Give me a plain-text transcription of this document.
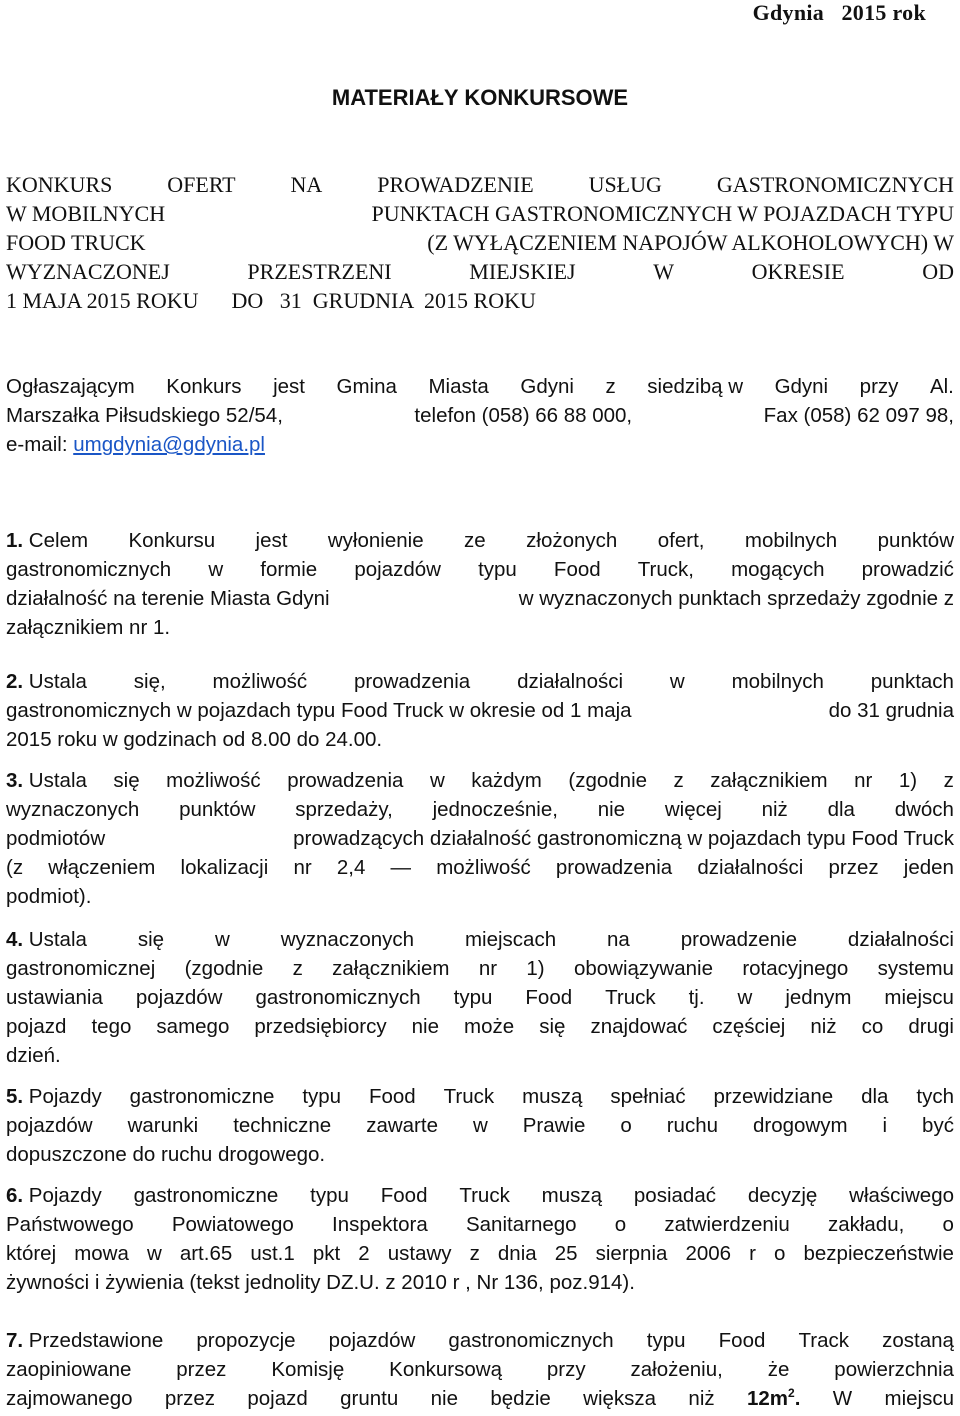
Gdynia   2015 rok
MATERIAŁY KONKURSOWE
KONKURS OFERT NA PROWADZENIE USŁUG GASTRONOMICZNYCH
W MOBILNYCH	PUNKTACH GASTRONOMICZNYCH W POJAZDACH TYPU
FOOD TRUCK	(Z WYŁĄCZENIEM NAPOJÓW ALKOHOLOWYCH) W
WYZNACZONEJ	PRZESTRZENI	MIEJSKIEJ	W	OKRESIE	OD
1 MAJA 2015 ROKU      DO   31  GRUDNIA  2015 ROKU
Ogłaszającym Konkurs jest Gmina Miasta Gdyni z siedzibą w Gdyni przy Al.
Marszałka Piłsudskiego 52/54,	telefon (058) 66 88 000,	Fax (058) 62 097 98,
e-mail: umgdynia@gdynia.pl
1. Celem Konkursu jest wyłonienie ze złożonych ofert, mobilnych punktów
gastronomicznych w formie pojazdów typu Food Truck, mogących prowadzić
działalność na terenie Miasta Gdyni	w wyznaczonych punktach sprzedaży zgodnie z
załącznikiem nr 1.
2. Ustala się, możliwość prowadzenia działalności w mobilnych punktach
gastronomicznych w pojazdach typu Food Truck w okresie od 1 maja	do 31 grudnia
2015 roku w godzinach od 8.00 do 24.00.
3. Ustala się możliwość prowadzenia w każdym (zgodnie z załącznikiem nr 1) z
wyznaczonych punktów sprzedaży, jednocześnie, nie więcej niż dla dwóch
podmiotów	prowadzących działalność gastronomiczną w pojazdach typu Food Truck
(z włączeniem lokalizacji nr 2,4 — możliwość prowadzenia działalności przez jeden
podmiot).
4. Ustala się w wyznaczonych miejscach na prowadzenie działalności
gastronomicznej (zgodnie z załącznikiem nr 1) obowiązywanie rotacyjnego systemu
ustawiania pojazdów gastronomicznych typu Food Truck tj. w jednym miejscu
pojazd tego samego przedsiębiorcy nie może się znajdować częściej niż co drugi
dzień.
5. Pojazdy gastronomiczne typu Food Truck muszą spełniać przewidziane dla tych
pojazdów warunki techniczne zawarte w Prawie o ruchu drogowym i być
dopuszczone do ruchu drogowego.
6. Pojazdy gastronomiczne typu Food Truck muszą posiadać decyzję właściwego
Państwowego Powiatowego Inspektora Sanitarnego o zatwierdzeniu zakładu, o
której mowa w art.65 ust.1 pkt 2 ustawy z dnia 25 sierpnia 2006 r o bezpieczeństwie
żywności i żywienia (tekst jednolity DZ.U. z 2010 r , Nr 136, poz.914).
7. Przedstawione propozycje pojazdów gastronomicznych typu Food Track zostaną
zaopiniowane przez Komisję Konkursową przy założeniu, że powierzchnia
zajmowanego przez pojazd gruntu nie będzie większa niż $12m^2$. W miejscu
